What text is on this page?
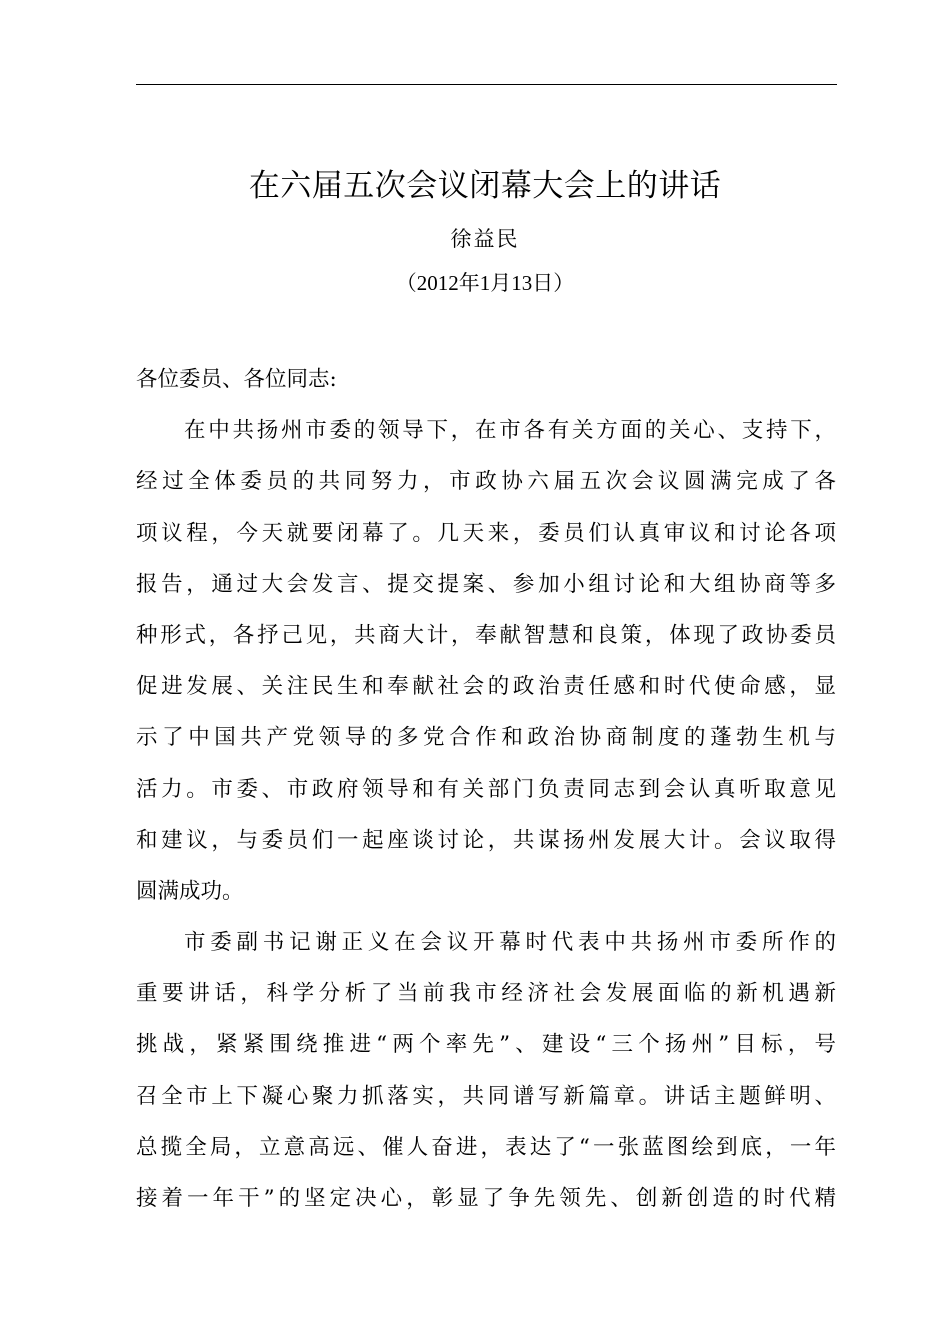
在六届五次会议闭幕大会上的讲话
徐益民
（2012年1月13日）
各位委员、各位同志:
在中共扬州市委的领导下，在市各有关方面的关心、支持下，
经过全体委员的共同努力，市政协六届五次会议圆满完成了各
项议程，今天就要闭幕了。几天来，委员们认真审议和讨论各项
报告，通过大会发言、提交提案、参加小组讨论和大组协商等多
种形式，各抒己见，共商大计，奉献智慧和良策，体现了政协委员
促进发展、关注民生和奉献社会的政治责任感和时代使命感，显
示了中国共产党领导的多党合作和政治协商制度的蓬勃生机与
活力。市委、市政府领导和有关部门负责同志到会认真听取意见
和建议，与委员们一起座谈讨论，共谋扬州发展大计。会议取得
圆满成功。
市委副书记谢正义在会议开幕时代表中共扬州市委所作的
重要讲话，科学分析了当前我市经济社会发展面临的新机遇新
挑战，紧紧围绕推进“两个率先”、建设“三个扬州”目标，号
召全市上下凝心聚力抓落实，共同谱写新篇章。讲话主题鲜明、
总揽全局，立意高远、催人奋进，表达了“一张蓝图绘到底，一年
接着一年干”的坚定决心，彰显了争先领先、创新创造的时代精
